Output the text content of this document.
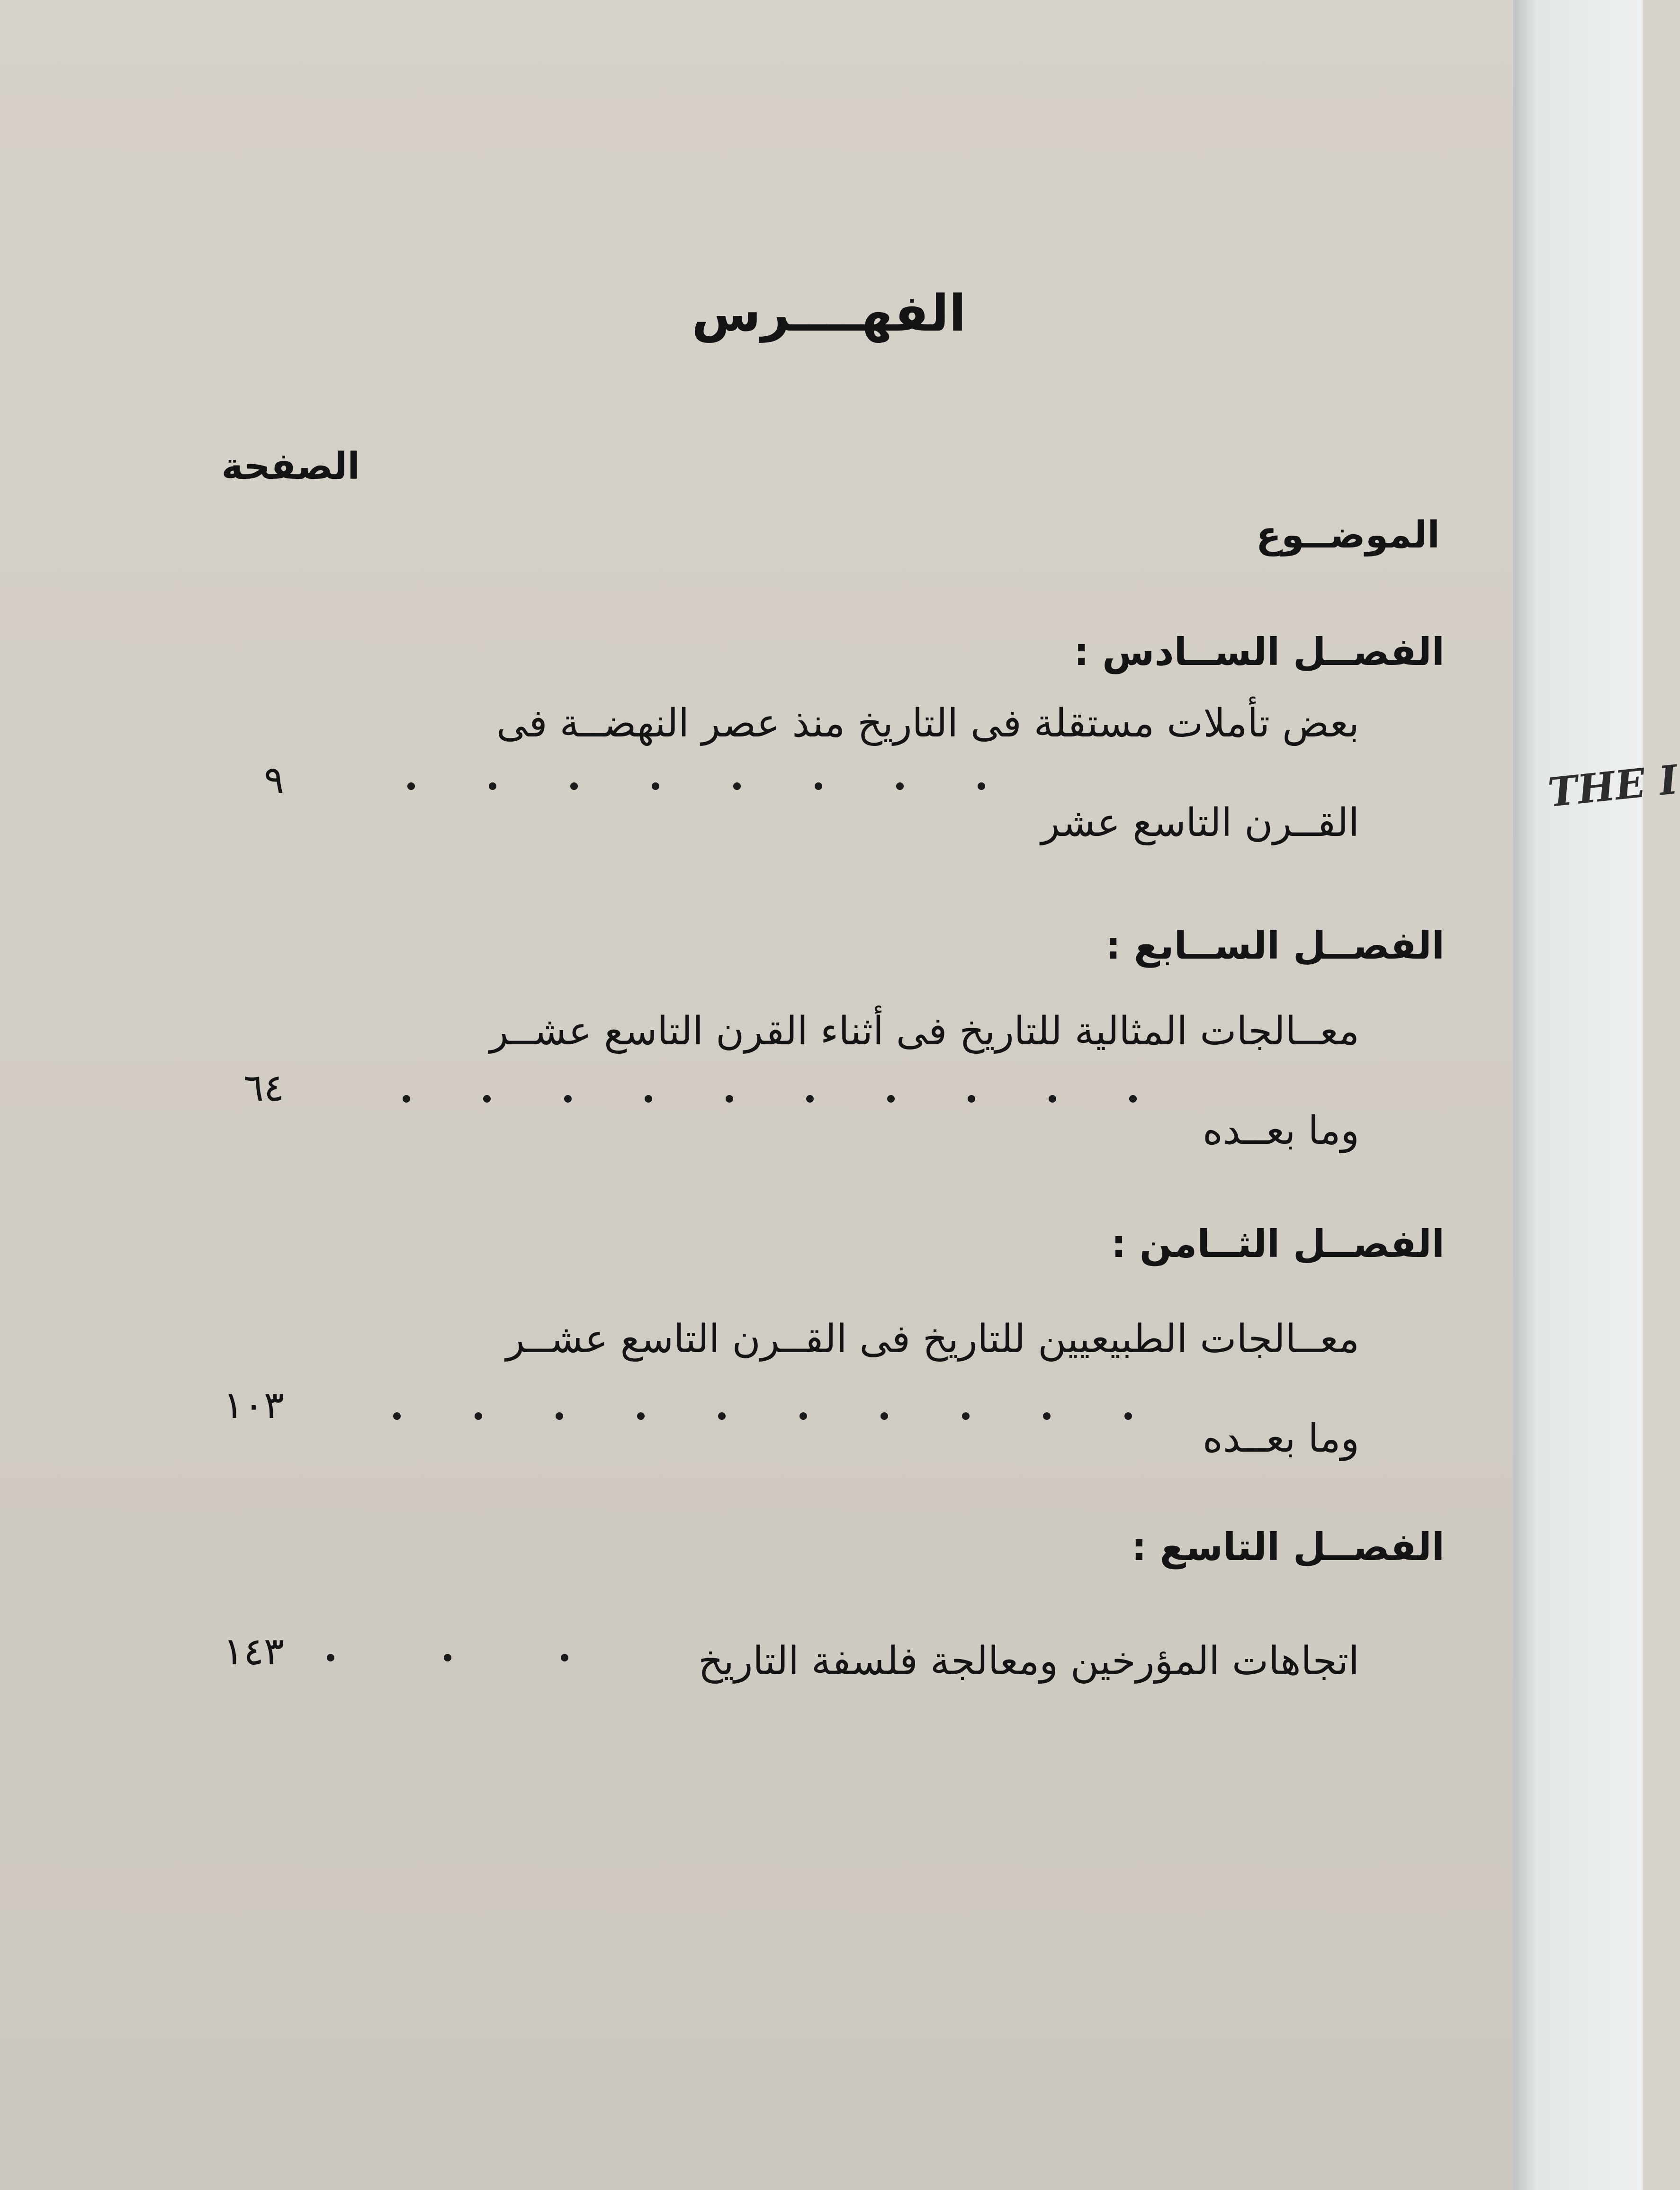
الفهــــرس
الصفحة
الموضــوع
الفصــل الســادس :
بعض تأملات مستقلة فى التاريخ منذ عصر النهضــة فى
القــرن التاسع عشر
٩
الفصــل الســابع :
معــالجات المثالية للتاريخ فى أثناء القرن التاسع عشــر
وما بعــده
٦٤
الفصــل الثــامن :
معــالجات الطبيعيين للتاريخ فى القــرن التاسع عشــر
وما بعــده
١٠٣
الفصــل التاسع :
اتجاهات المؤرخين ومعالجة فلسفة التاريخ
١٤٣
THE I
